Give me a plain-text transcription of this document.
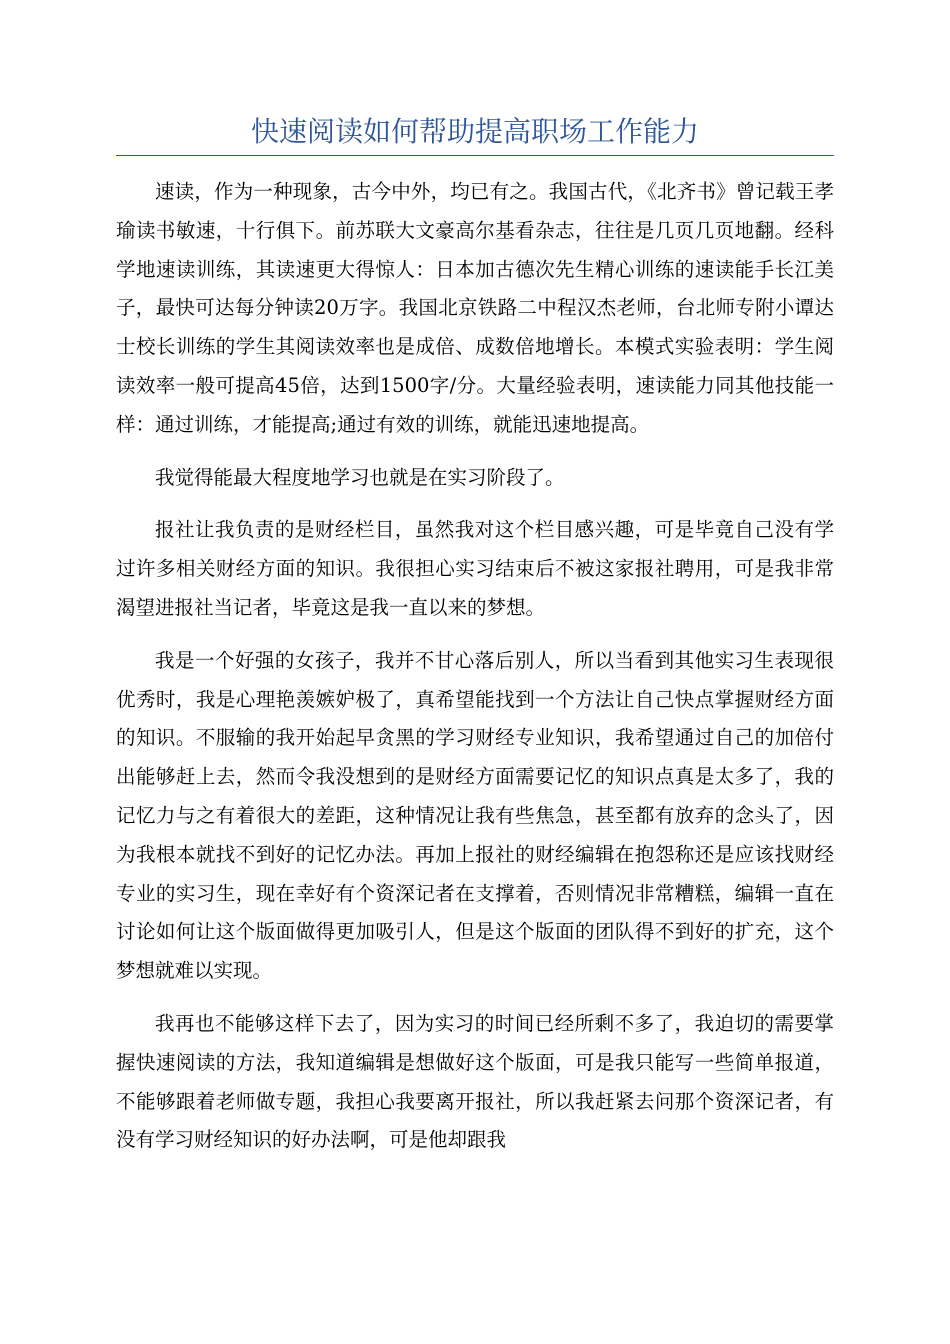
快速阅读如何帮助提高职场工作能力

速读，作为一种现象，古今中外，均已有之。我国古代，《北齐书》曾记载王孝瑜读书敏速，十行俱下。前苏联大文豪高尔基看杂志，往往是几页几页地翻。经科学地速读训练，其读速更大得惊人：日本加古德次先生精心训练的速读能手长江美子，最快可达每分钟读20万字。我国北京铁路二中程汉杰老师，台北师专附小谭达士校长训练的学生其阅读效率也是成倍、成数倍地增长。本模式实验表明：学生阅读效率一般可提高45倍，达到1500字/分。大量经验表明，速读能力同其他技能一样：通过训练，才能提高;通过有效的训练，就能迅速地提高。

我觉得能最大程度地学习也就是在实习阶段了。

报社让我负责的是财经栏目，虽然我对这个栏目感兴趣，可是毕竟自己没有学过许多相关财经方面的知识。我很担心实习结束后不被这家报社聘用，可是我非常渴望进报社当记者，毕竟这是我一直以来的梦想。

我是一个好强的女孩子，我并不甘心落后别人，所以当看到其他实习生表现很优秀时，我是心理艳羡嫉妒极了，真希望能找到一个方法让自己快点掌握财经方面的知识。不服输的我开始起早贪黑的学习财经专业知识，我希望通过自己的加倍付出能够赶上去，然而令我没想到的是财经方面需要记忆的知识点真是太多了，我的记忆力与之有着很大的差距，这种情况让我有些焦急，甚至都有放弃的念头了，因为我根本就找不到好的记忆办法。再加上报社的财经编辑在抱怨称还是应该找财经专业的实习生，现在幸好有个资深记者在支撑着，否则情况非常糟糕，编辑一直在讨论如何让这个版面做得更加吸引人，但是这个版面的团队得不到好的扩充，这个梦想就难以实现。

我再也不能够这样下去了，因为实习的时间已经所剩不多了，我迫切的需要掌握快速阅读的方法，我知道编辑是想做好这个版面，可是我只能写一些简单报道，不能够跟着老师做专题，我担心我要离开报社，所以我赶紧去问那个资深记者，有没有学习财经知识的好办法啊，可是他却跟我
